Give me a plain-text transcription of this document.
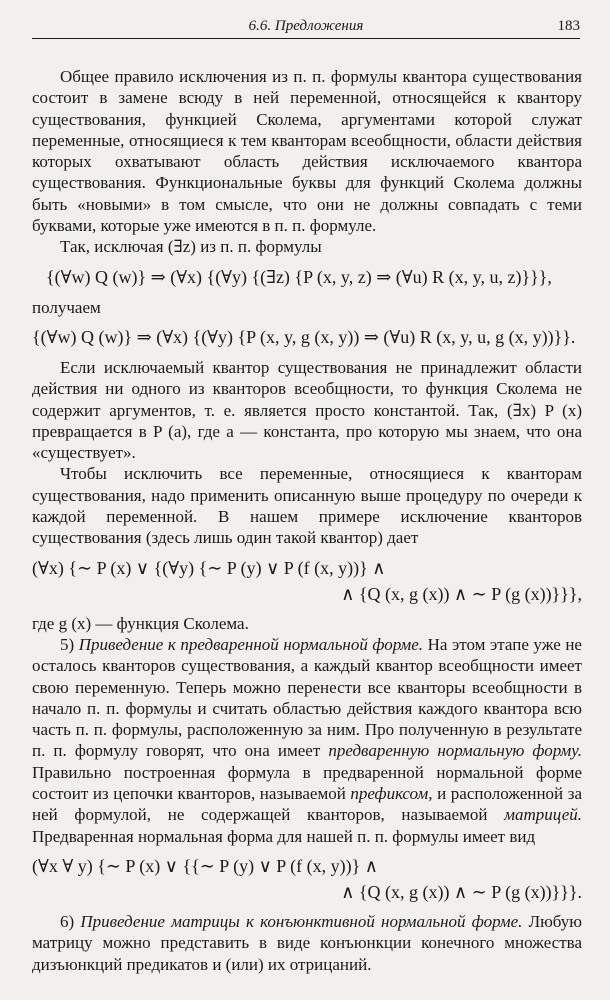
6.6. Предложения	183

Общее правило исключения из п. п. формулы квантора существования состоит в замене всюду в ней переменной, относящейся к квантору существования, функцией Сколема, аргументами которой служат переменные, относящиеся к тем кванторам всеобщности, области действия которых охватывают область действия исключаемого квантора существования. Функциональные буквы для функций Сколема должны быть «новыми» в том смысле, что они не должны совпадать с теми буквами, которые уже имеются в п. п. формуле.

Так, исключая (∃z) из п. п. формулы

{(∀w) Q (w)} ⇒ (∀x) {(∀y) {(∃z) {P (x, y, z) ⇒ (∀u) R (x, y, u, z)}}},
получаем
{(∀w) Q (w)} ⇒ (∀x) {(∀y) {P (x, y, g (x, y)) ⇒ (∀u) R (x, y, u, g (x, y))}}.

Если исключаемый квантор существования не принадлежит области действия ни одного из кванторов всеобщности, то функция Сколема не содержит аргументов, т. е. является просто константой. Так, (∃x) P (x) превращается в P (a), где a — константа, про которую мы знаем, что она «существует».

Чтобы исключить все переменные, относящиеся к кванторам существования, надо применить описанную выше процедуру по очереди к каждой переменной. В нашем примере исключение кванторов существования (здесь лишь один такой квантор) дает

(∀x) {∼ P (x) ∨ {(∀y) {∼ P (y) ∨ P (f (x, y))} ∧
∧ {Q (x, g (x)) ∧ ∼ P (g (x))}}},
где g (x) — функция Сколема.

5) Приведение к предваренной нормальной форме. На этом этапе уже не осталось кванторов существования, а каждый квантор всеобщности имеет свою переменную. Теперь можно перенести все кванторы всеобщности в начало п. п. формулы и считать областью действия каждого квантора всю часть п. п. формулы, расположенную за ним. Про полученную в результате п. п. формулу говорят, что она имеет предваренную нормальную форму. Правильно построенная формула в предваренной нормальной форме состоит из цепочки кванторов, называемой префиксом, и расположенной за ней формулой, не содержащей кванторов, называемой матрицей. Предваренная нормальная форма для нашей п. п. формулы имеет вид

(∀x ∀ y) {∼ P (x) ∨ {{∼ P (y) ∨ P (f (x, y))} ∧
∧ {Q (x, g (x)) ∧ ∼ P (g (x))}}}.

6) Приведение матрицы к конъюнктивной нормальной форме. Любую матрицу можно представить в виде конъюнкции конечного множества дизъюнкций предикатов и (или) их отрицаний.
